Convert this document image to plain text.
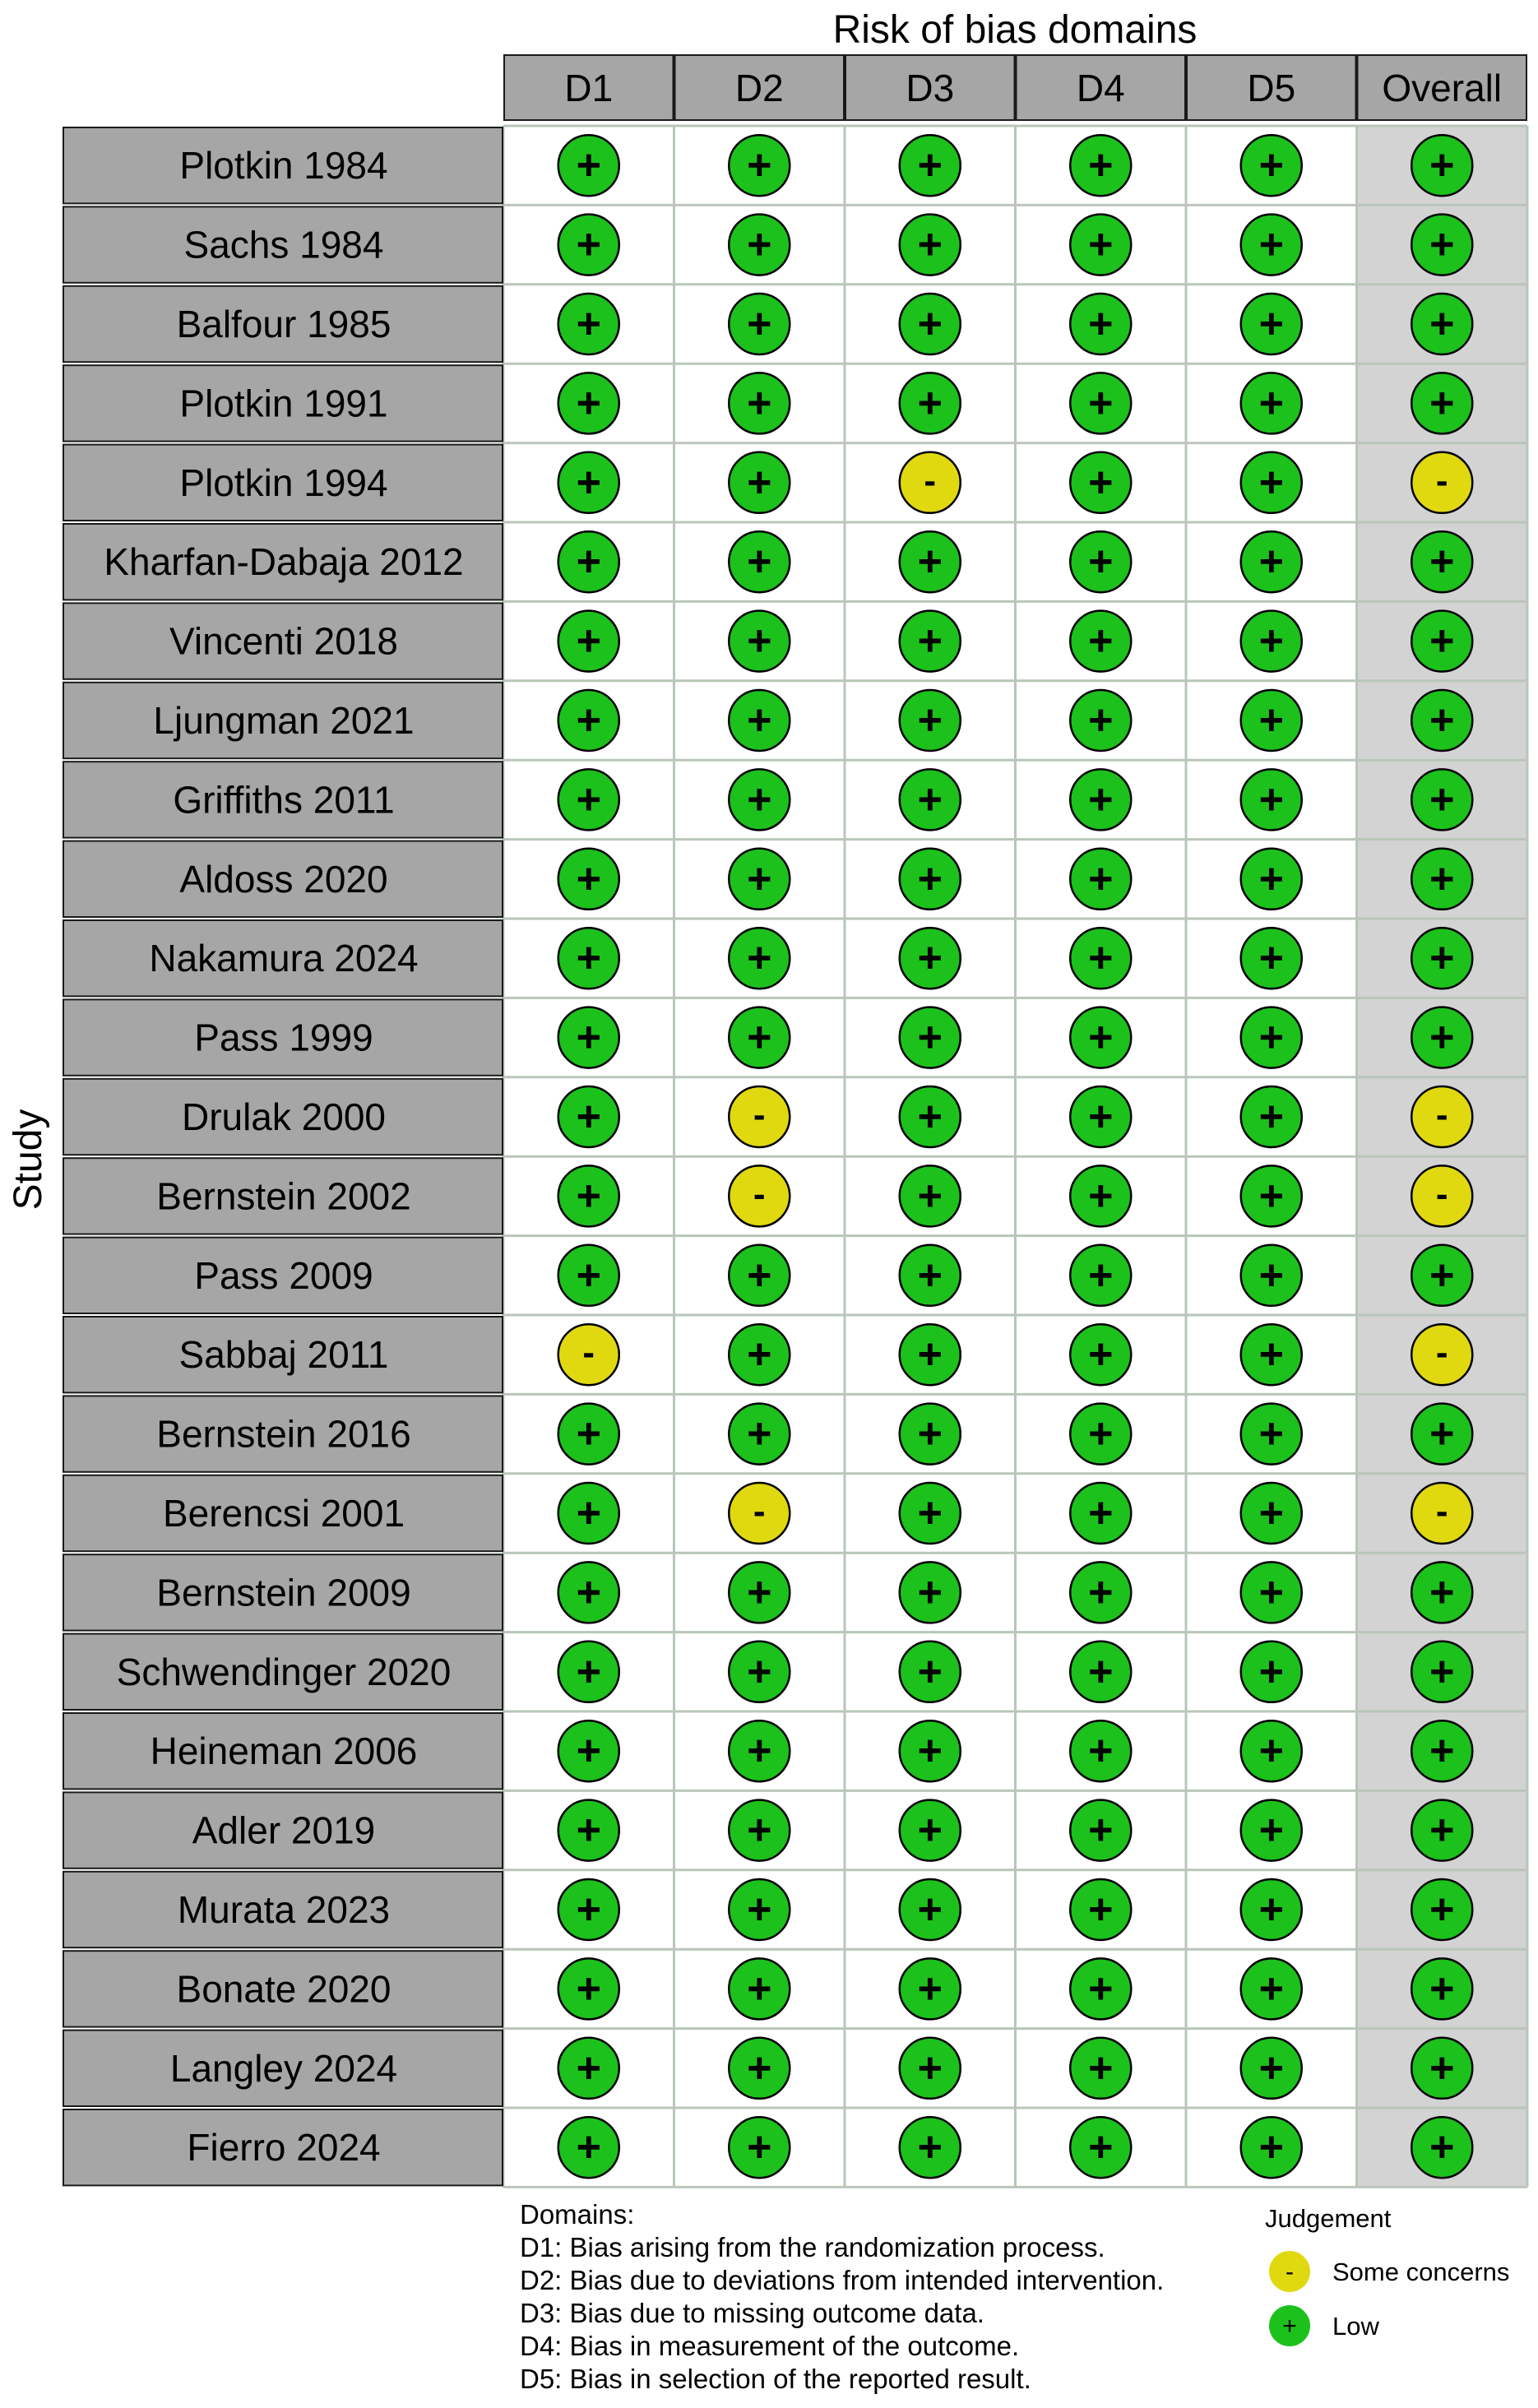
Risk of bias domains
Study
D1	D2	D3	D4	D5 Overall
Plotkin 1984	+	+	+	+	+	+
Sachs 1984	+	+	+	+	+	+
Balfour 1985	+	+	+	+	+	+
Plotkin 1991	+	+	+	+	+	+
Plotkin 1994	+	+	-	+	+	-
Kharfan-Dabaja 2012	+	+	+	+	+	+
Vincenti 2018	+	+	+	+	+	+
Ljungman 2021	+	+	+	+	+	+
Griffiths 2011	+	+	+	+	+	+
Aldoss 2020	+	+	+	+	+	+
Nakamura 2024	+	+	+	+	+	+
Pass 1999	+	+	+	+	+	+
Drulak 2000	+	-	+	+	+	-
Bernstein 2002	+	-	+	+	+	-
Pass 2009	+	+	+	+	+	+
Sabbaj 2011	-	+	+	+	+	-
Bernstein 2016	+	+	+	+	+	+
Berencsi 2001	+	-	+	+	+	-
Bernstein 2009	+	+	+	+	+	+
Schwendinger 2020	+	+	+	+	+	+
Heineman 2006	+	+	+	+	+	+
Adler 2019	+	+	+	+	+	+
Murata 2023	+	+	+	+	+	+
Bonate 2020	+	+	+	+	+	+
Langley 2024	+	+	+	+	+	+
Fierro 2024	+	+	+	+	+	+
Domains:
D1: Bias arising from the randomization process.
D2: Bias due to deviations from intended intervention.
D3: Bias due to missing outcome data.
D4: Bias in measurement of the outcome.
D5: Bias in selection of the reported result.
Judgement
- Some concerns
+ Low
